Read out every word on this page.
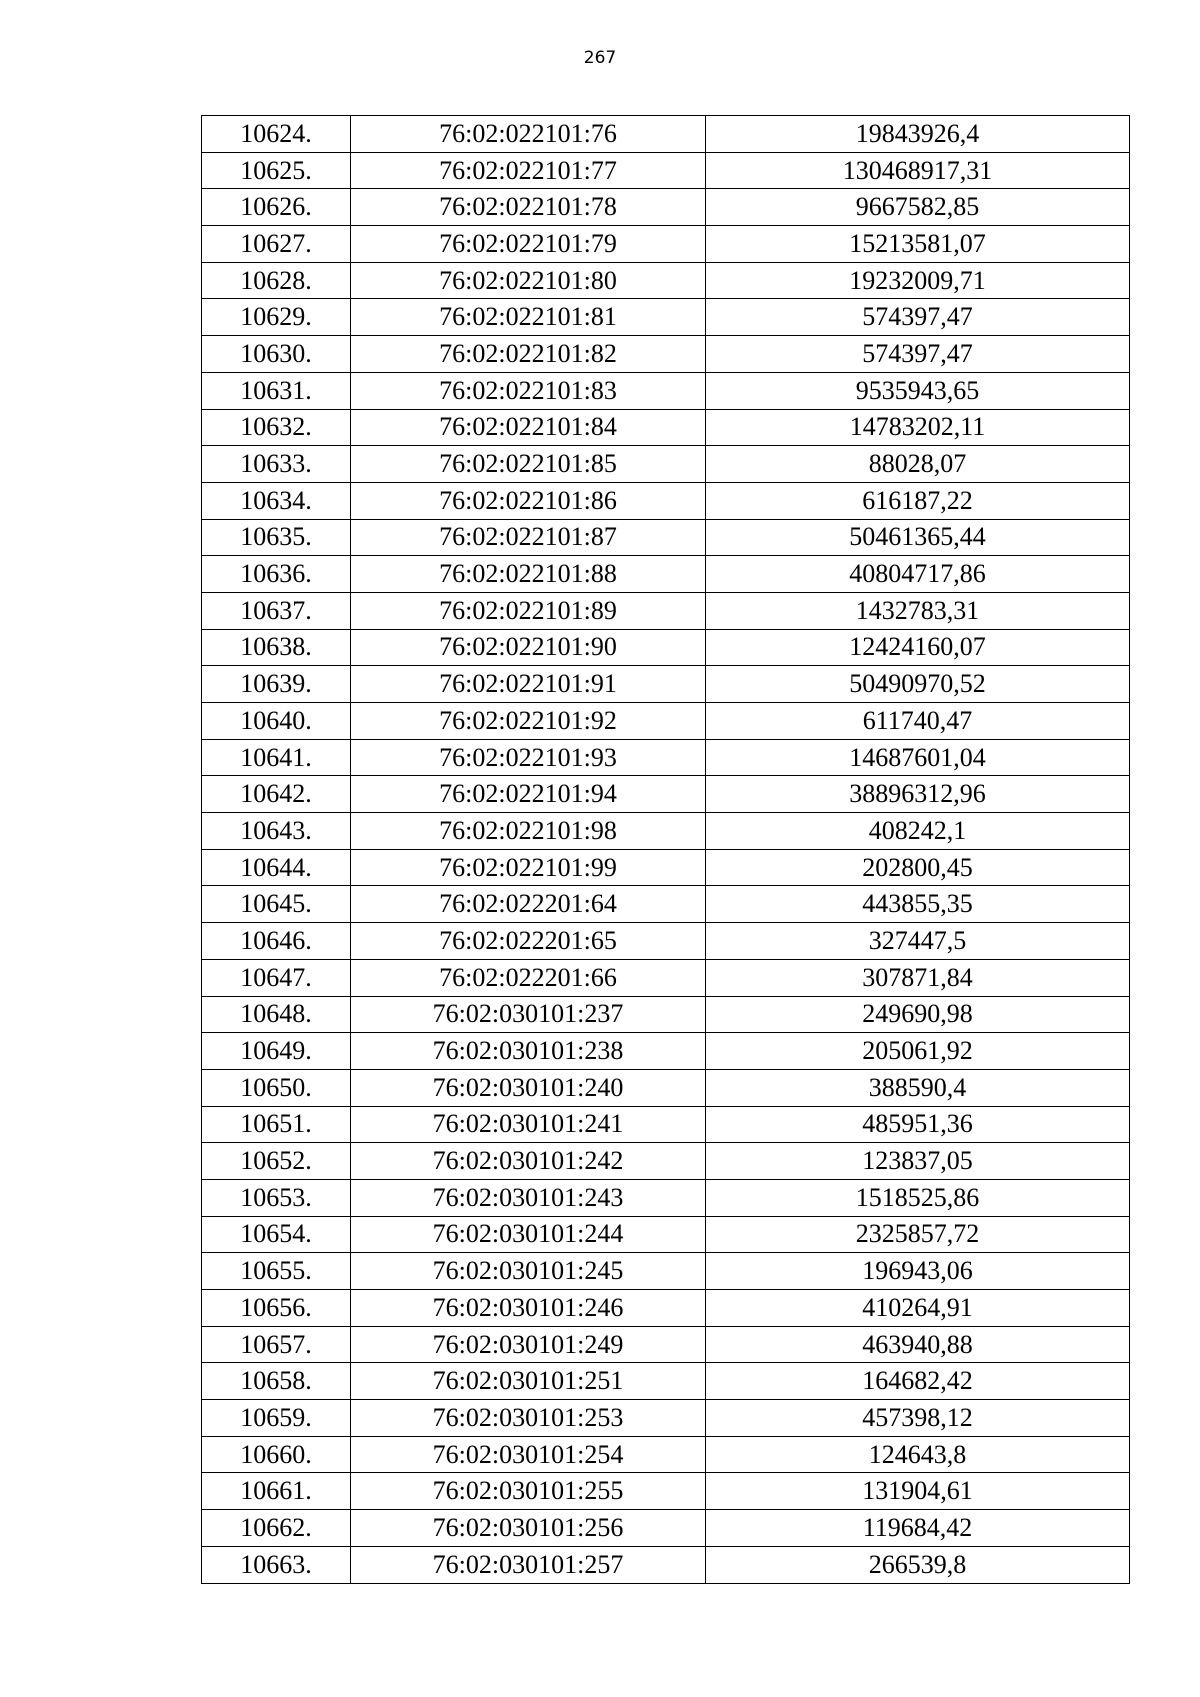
267
10624.	76:02:022101:76	19843926,4
10625.	76:02:022101:77	130468917,31
10626.	76:02:022101:78	9667582,85
10627.	76:02:022101:79	15213581,07
10628.	76:02:022101:80	19232009,71
10629.	76:02:022101:81	574397,47
10630.	76:02:022101:82	574397,47
10631.	76:02:022101:83	9535943,65
10632.	76:02:022101:84	14783202,11
10633.	76:02:022101:85	88028,07
10634.	76:02:022101:86	616187,22
10635.	76:02:022101:87	50461365,44
10636.	76:02:022101:88	40804717,86
10637.	76:02:022101:89	1432783,31
10638.	76:02:022101:90	12424160,07
10639.	76:02:022101:91	50490970,52
10640.	76:02:022101:92	611740,47
10641.	76:02:022101:93	14687601,04
10642.	76:02:022101:94	38896312,96
10643.	76:02:022101:98	408242,1
10644.	76:02:022101:99	202800,45
10645.	76:02:022201:64	443855,35
10646.	76:02:022201:65	327447,5
10647.	76:02:022201:66	307871,84
10648.	76:02:030101:237	249690,98
10649.	76:02:030101:238	205061,92
10650.	76:02:030101:240	388590,4
10651.	76:02:030101:241	485951,36
10652.	76:02:030101:242	123837,05
10653.	76:02:030101:243	1518525,86
10654.	76:02:030101:244	2325857,72
10655.	76:02:030101:245	196943,06
10656.	76:02:030101:246	410264,91
10657.	76:02:030101:249	463940,88
10658.	76:02:030101:251	164682,42
10659.	76:02:030101:253	457398,12
10660.	76:02:030101:254	124643,8
10661.	76:02:030101:255	131904,61
10662.	76:02:030101:256	119684,42
10663.	76:02:030101:257	266539,8
